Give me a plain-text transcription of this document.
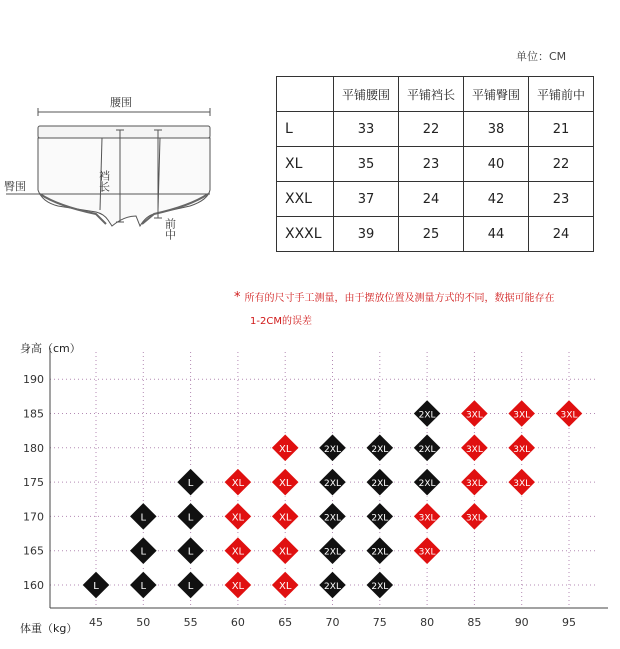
单位：CM
腰围
臀围	裆长
前中
	平铺腰围	平铺裆长	平铺臀围	平铺前中
L	33	22	38	21
XL	35	23	40	22
XXL	37	24	42	23
XXXL	39	25	44	24
* 所有的尺寸手工测量，由于摆放位置及测量方式的不同，数据可能存在
1-2CM的误差
160
165
170
175
180
185
190
45	50	55	60	65	70	75	80	85	90	95
L	L	L	XL	XL	2XL	2XL
L	L	XL	XL	2XL	2XL	3XL
L	L	XL	XL	2XL	2XL	3XL	3XL
L	XL	XL	2XL	2XL	2XL	3XL	3XL
XL	2XL	2XL	2XL	3XL	3XL
2XL	3XL	3XL	3XL
身高（cm）
体重（kg）
